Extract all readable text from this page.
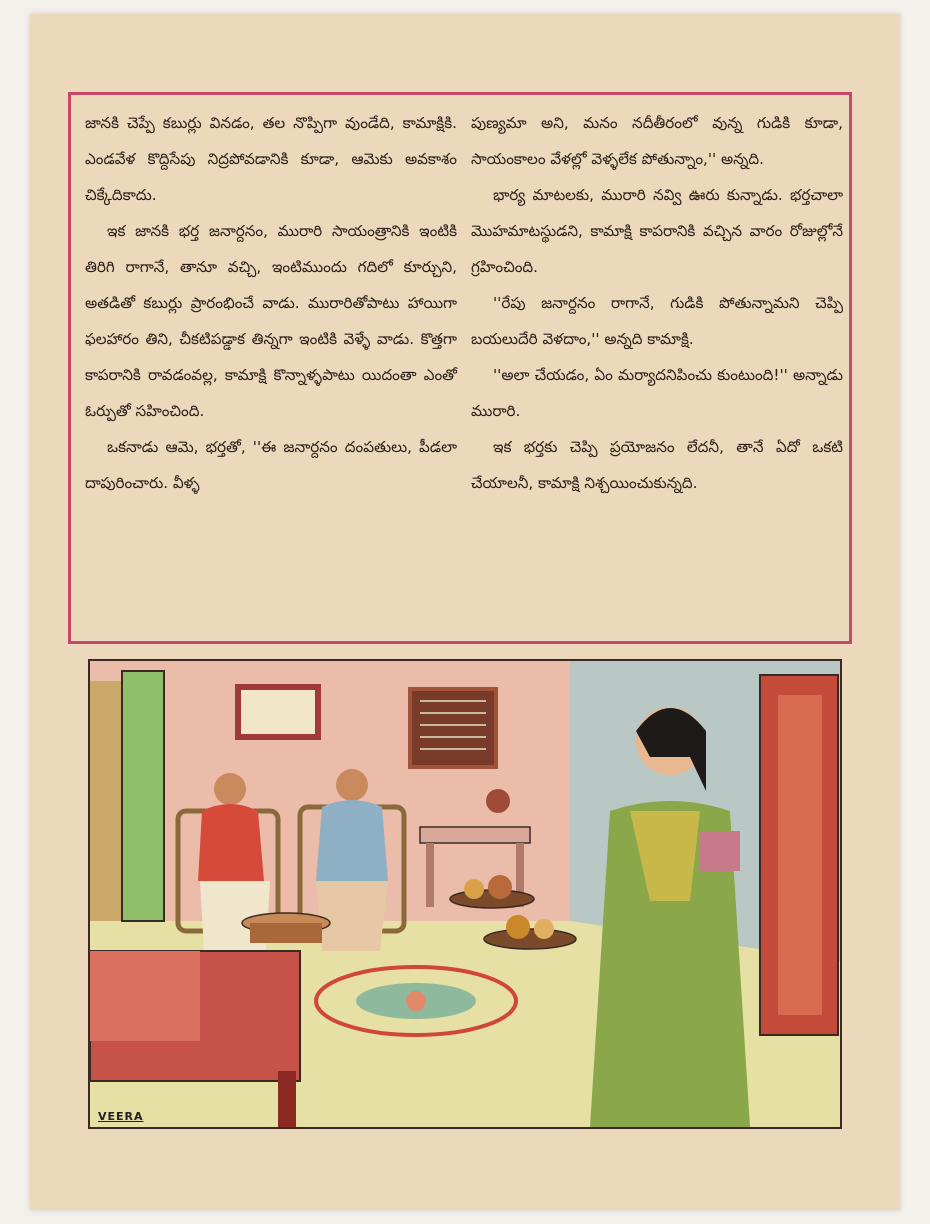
జానకి చెప్పే కబుర్లు వినడం, తల నొప్పిగా వుండేది, కామాక్షికి. ఎండవేళ కొద్దిసేపు నిద్రపోవడానికి కూడా, ఆమెకు అవకాశం చిక్కేదికాదు.

ఇక జానకి భర్త జనార్దనం, మురారి సాయంత్రానికి ఇంటికి తిరిగి రాగానే, తానూ వచ్చి, ఇంటిముందు గదిలో కూర్చుని, అతడితో కబుర్లు ప్రారంభించే వాడు. మురారితోపాటు హాయిగా ఫలహారం తిని, చీకటిపడ్డాక తిన్నగా ఇంటికి వెళ్ళే వాడు. కొత్తగా కాపరానికి రావడంవల్ల, కామాక్షి కొన్నాళ్ళపాటు యిదంతా ఎంతో ఓర్పుతో సహించింది.

ఒకనాడు ఆమె, భర్తతో, ''ఈ జనార్దనం దంపతులు, పీడలా దాపురించారు. వీళ్ళ

పుణ్యమా అని, మనం నదీతీరంలో వున్న గుడికి కూడా, సాయంకాలం వేళల్లో వెళ్ళలేక పోతున్నాం,'' అన్నది.

భార్య మాటలకు, మురారి నవ్వి ఊరు కున్నాడు. భర్తచాలా మొహమాటస్థుడని, కామాక్షి కాపరానికి వచ్చిన వారం రోజుల్లోనే గ్రహించింది.

''రేపు జనార్దనం రాగానే, గుడికి పోతున్నామని చెప్పి బయలుదేరి వెళదాం,'' అన్నది కామాక్షి.

''అలా చేయడం, ఏం మర్యాదనిపించు కుంటుంది!'' అన్నాడు మురారి.

ఇక భర్తకు చెప్పి ప్రయోజనం లేదనీ, తానే ఏదో ఒకటి చేయాలనీ, కామాక్షి నిశ్చయించుకున్నది.

VEERA
